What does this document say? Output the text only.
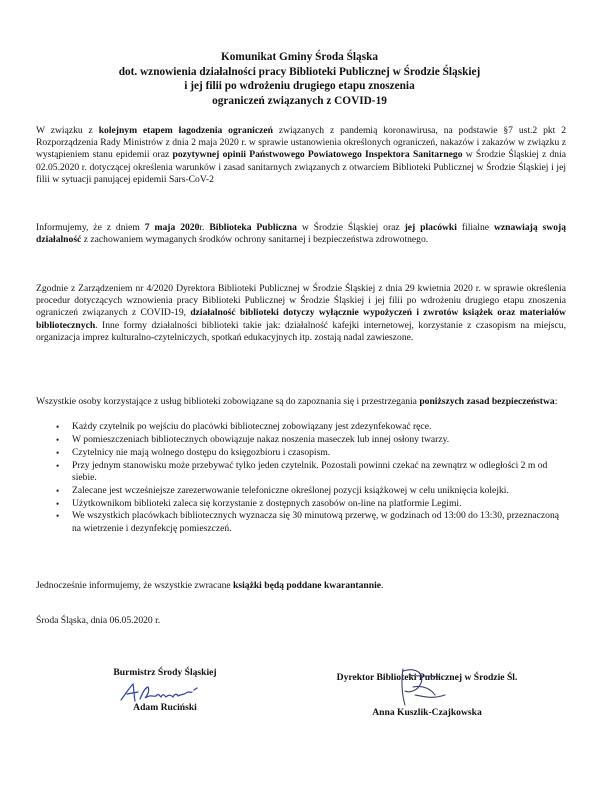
Komunikat Gminy Środa Śląska
dot. wznowienia działalności pracy Biblioteki Publicznej w Środzie Śląskiej
i jej filii po wdrożeniu drugiego etapu znoszenia
ograniczeń związanych z COVID-19

W związku z kolejnym etapem łagodzenia ograniczeń związanych z pandemią koronawirusa, na podstawie §7 ust.2 pkt 2 Rozporządzenia Rady Ministrów z dnia 2 maja 2020 r. w sprawie ustanowienia określonych ograniczeń, nakazów i zakazów w związku z wystąpieniem stanu epidemii oraz pozytywnej opinii Państwowego Powiatowego Inspektora Sanitarnego w Środzie Śląskiej z dnia 02.05.2020 r. dotyczącej określenia warunków i zasad sanitarnych związanych z otwarciem Biblioteki Publicznej w Środzie Śląskiej i jej filii w sytuacji panującej epidemii Sars-CoV-2

Informujemy, że z dniem 7 maja 2020r. Biblioteka Publiczna w Środzie Śląskiej oraz jej placówki filialne wznawiają swoją działalność z zachowaniem wymaganych środków ochrony sanitarnej i bezpieczeństwa zdrowotnego.

Zgodnie z Zarządzeniem nr 4/2020 Dyrektora Biblioteki Publicznej w Środzie Śląskiej z dnia 29 kwietnia 2020 r. w sprawie określenia procedur dotyczących wznowienia pracy Biblioteki Publicznej w Środzie Śląskiej i jej filii po wdrożeniu drugiego etapu znoszenia ograniczeń związanych z COVID-19, działalność biblioteki dotyczy wyłącznie wypożyczeń i zwrotów książek oraz materiałów bibliotecznych. Inne formy działalności biblioteki takie jak: działalność kafejki internetowej, korzystanie z czasopism na miejscu, organizacja imprez kulturalno-czytelniczych, spotkań edukacyjnych itp. zostają nadal zawieszone.

Wszystkie osoby korzystające z usług biblioteki zobowiązane są do zapoznania się i przestrzegania poniższych zasad bezpieczeństwa:

• Każdy czytelnik po wejściu do placówki bibliotecznej zobowiązany jest zdezynfekować ręce.
• W pomieszczeniach bibliotecznych obowiązuje nakaz noszenia maseczek lub innej osłony twarzy.
• Czytelnicy nie mają wolnego dostępu do księgozbioru i czasopism.
• Przy jednym stanowisku może przebywać tylko jeden czytelnik. Pozostali powinni czekać na zewnątrz w odległości 2 m od siebie.
• Zalecane jest wcześniejsze zarezerwowanie telefoniczne określonej pozycji książkowej w celu uniknięcia kolejki.
• Użytkownikom biblioteki zaleca się korzystanie z dostępnych zasobów on-line na platformie Legimi.
• We wszystkich placówkach bibliotecznych wyznacza się 30 minutową przerwę, w godzinach od 13:00 do 13:30, przeznaczoną na wietrzenie i dezynfekcję pomieszczeń.

Jednocześnie informujemy, że wszystkie zwracane książki będą poddane kwarantannie.

Środa Śląska, dnia 06.05.2020 r.
Burmistrz Środy Śląskiej
Adam Ruciński
Dyrektor Biblioteki Publicznej w Środzie Śl.
Anna Kuszlik-Czajkowska
